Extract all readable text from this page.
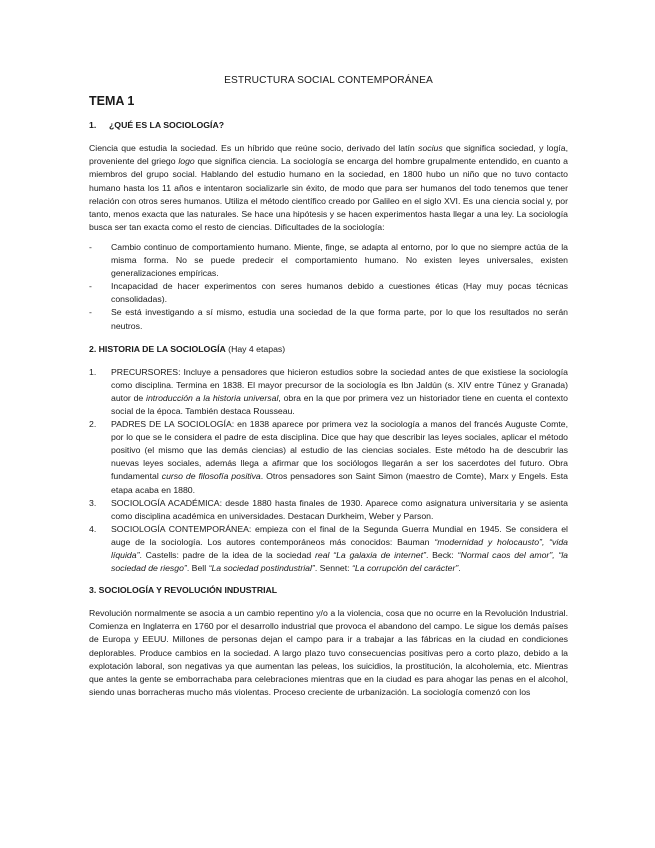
ESTRUCTURA SOCIAL CONTEMPORÁNEA
TEMA 1
1. ¿QUÉ ES LA SOCIOLOGÍA?
Ciencia que estudia la sociedad. Es un híbrido que reúne socio, derivado del latín socius que significa sociedad, y logía, proveniente del griego logo que significa ciencia. La sociología se encarga del hombre grupalmente entendido, en cuanto a miembros del grupo social. Hablando del estudio humano en la sociedad, en 1800 hubo un niño que no tuvo contacto humano hasta los 11 años e intentaron socializarle sin éxito, de modo que para ser humanos del todo tenemos que tener relación con otros seres humanos. Utiliza el método científico creado por Galileo en el siglo XVI. Es una ciencia social y, por tanto, menos exacta que las naturales. Se hace una hipótesis y se hacen experimentos hasta llegar a una ley. La sociología busca ser tan exacta como el resto de ciencias. Dificultades de la sociología:
- Cambio continuo de comportamiento humano. Miente, finge, se adapta al entorno, por lo que no siempre actúa de la misma forma. No se puede predecir el comportamiento humano. No existen leyes universales, existen generalizaciones empíricas.
- Incapacidad de hacer experimentos con seres humanos debido a cuestiones éticas (Hay muy pocas técnicas consolidadas).
- Se está investigando a sí mismo, estudia una sociedad de la que forma parte, por lo que los resultados no serán neutros.
2. HISTORIA DE LA SOCIOLOGÍA (Hay 4 etapas)
1. PRECURSORES: Incluye a pensadores que hicieron estudios sobre la sociedad antes de que existiese la sociología como disciplina. Termina en 1838. El mayor precursor de la sociología es Ibn Jaldún (s. XIV entre Túnez y Granada) autor de introducción a la historia universal, obra en la que por primera vez un historiador tiene en cuenta el contexto social de la época. También destaca Rousseau.
2. PADRES DE LA SOCIOLOGÍA: en 1838 aparece por primera vez la sociología a manos del francés Auguste Comte, por lo que se le considera el padre de esta disciplina. Dice que hay que describir las leyes sociales, aplicar el método positivo (el mismo que las demás ciencias) al estudio de las ciencias sociales. Este método ha de descubrir las nuevas leyes sociales, además llega a afirmar que los sociólogos llegarán a ser los sacerdotes del futuro. Obra fundamental curso de filosofía positiva. Otros pensadores son Saint Simon (maestro de Comte), Marx y Engels. Esta etapa acaba en 1880.
3. SOCIOLOGÍA ACADÉMICA: desde 1880 hasta finales de 1930. Aparece como asignatura universitaria y se asienta como disciplina académica en universidades. Destacan Durkheim, Weber y Parson.
4. SOCIOLOGÍA CONTEMPORÁNEA: empieza con el final de la Segunda Guerra Mundial en 1945. Se considera el auge de la sociología. Los autores contemporáneos más conocidos: Bauman “modernidad y holocausto”, “vida líquida”. Castells: padre de la idea de la sociedad real “La galaxia de internet”. Beck: “Normal caos del amor”, “la sociedad de riesgo”. Bell “La sociedad postindustrial”. Sennet: “La corrupción del carácter”.
3. SOCIOLOGÍA Y REVOLUCIÓN INDUSTRIAL
Revolución normalmente se asocia a un cambio repentino y/o a la violencia, cosa que no ocurre en la Revolución Industrial. Comienza en Inglaterra en 1760 por el desarrollo industrial que provoca el abandono del campo. Le sigue los demás países de Europa y EEUU. Millones de personas dejan el campo para ir a trabajar a las fábricas en la ciudad en condiciones deplorables. Produce cambios en la sociedad. A largo plazo tuvo consecuencias positivas pero a corto plazo, debido a la explotación laboral, son negativas ya que aumentan las peleas, los suicidios, la prostitución, la alcoholemia, etc. Mientras que antes la gente se emborrachaba para celebraciones mientras que en la ciudad es para ahogar las penas en el alcohol, siendo unas borracheras mucho más violentas. Proceso creciente de urbanización. La sociología comenzó con los
